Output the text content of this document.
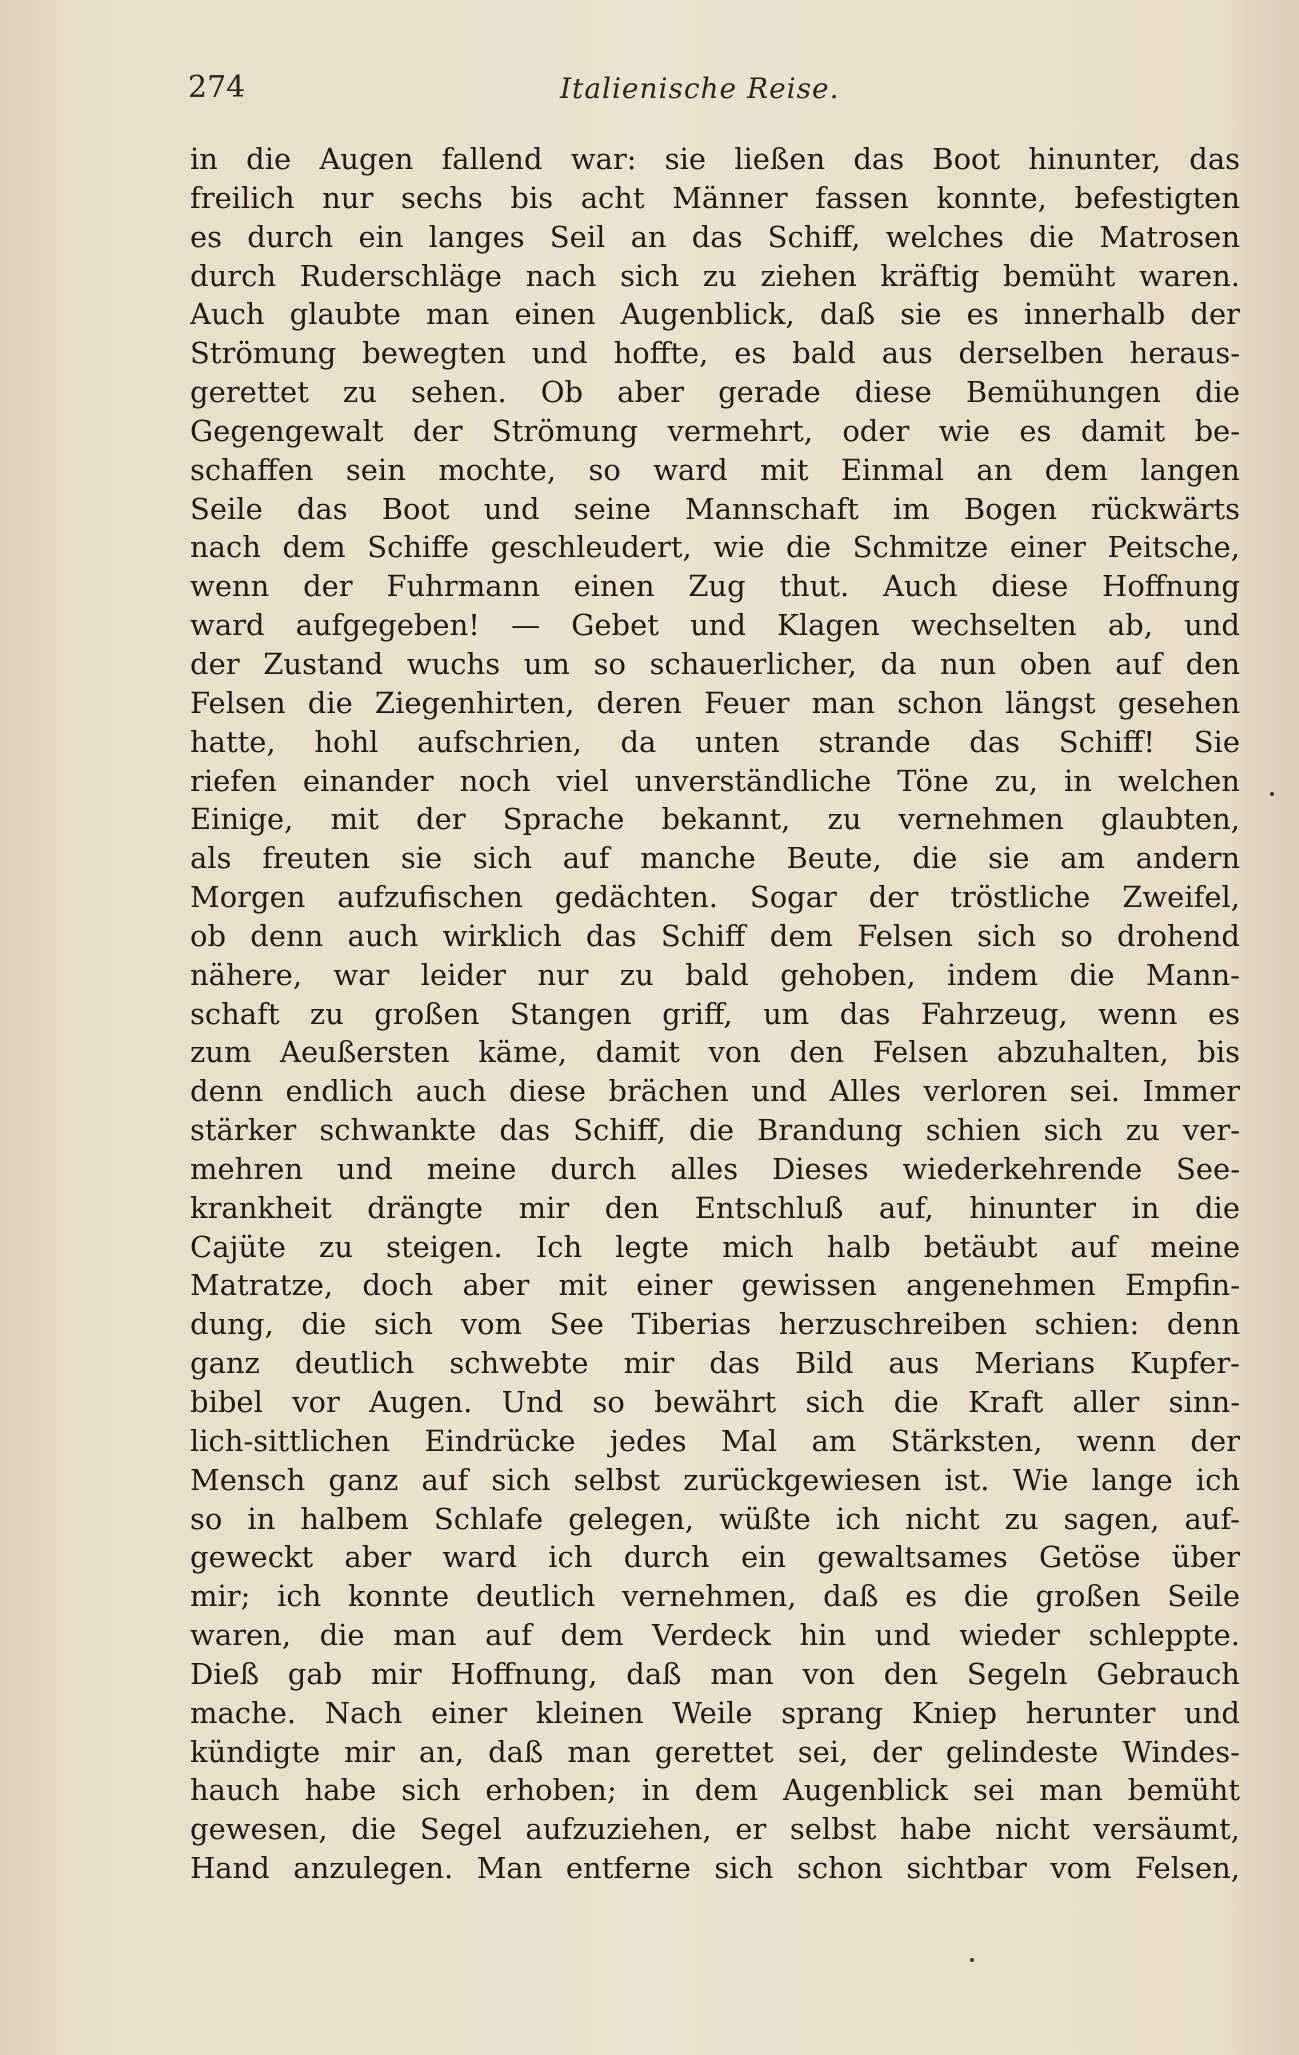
274	Italienische Reise.
in die Augen fallend war: sie ließen das Boot hinunter, das
freilich nur sechs bis acht Männer fassen konnte, befestigten
es durch ein langes Seil an das Schiff, welches die Matrosen
durch Ruderschläge nach sich zu ziehen kräftig bemüht waren.
Auch glaubte man einen Augenblick, daß sie es innerhalb der
Strömung bewegten und hoffte, es bald aus derselben heraus-
gerettet zu sehen. Ob aber gerade diese Bemühungen die
Gegengewalt der Strömung vermehrt, oder wie es damit be-
schaffen sein mochte, so ward mit Einmal an dem langen
Seile das Boot und seine Mannschaft im Bogen rückwärts
nach dem Schiffe geschleudert, wie die Schmitze einer Peitsche,
wenn der Fuhrmann einen Zug thut. Auch diese Hoffnung
ward aufgegeben! — Gebet und Klagen wechselten ab, und
der Zustand wuchs um so schauerlicher, da nun oben auf den
Felsen die Ziegenhirten, deren Feuer man schon längst gesehen
hatte, hohl aufschrien, da unten strande das Schiff! Sie
riefen einander noch viel unverständliche Töne zu, in welchen
Einige, mit der Sprache bekannt, zu vernehmen glaubten,
als freuten sie sich auf manche Beute, die sie am andern
Morgen aufzufischen gedächten. Sogar der tröstliche Zweifel,
ob denn auch wirklich das Schiff dem Felsen sich so drohend
nähere, war leider nur zu bald gehoben, indem die Mann-
schaft zu großen Stangen griff, um das Fahrzeug, wenn es
zum Aeußersten käme, damit von den Felsen abzuhalten, bis
denn endlich auch diese brächen und Alles verloren sei. Immer
stärker schwankte das Schiff, die Brandung schien sich zu ver-
mehren und meine durch alles Dieses wiederkehrende See-
krankheit drängte mir den Entschluß auf, hinunter in die
Cajüte zu steigen. Ich legte mich halb betäubt auf meine
Matratze, doch aber mit einer gewissen angenehmen Empfin-
dung, die sich vom See Tiberias herzuschreiben schien: denn
ganz deutlich schwebte mir das Bild aus Merians Kupfer-
bibel vor Augen. Und so bewährt sich die Kraft aller sinn-
lich-sittlichen Eindrücke jedes Mal am Stärksten, wenn der
Mensch ganz auf sich selbst zurückgewiesen ist. Wie lange ich
so in halbem Schlafe gelegen, wüßte ich nicht zu sagen, auf-
geweckt aber ward ich durch ein gewaltsames Getöse über
mir; ich konnte deutlich vernehmen, daß es die großen Seile
waren, die man auf dem Verdeck hin und wieder schleppte.
Dieß gab mir Hoffnung, daß man von den Segeln Gebrauch
mache. Nach einer kleinen Weile sprang Kniep herunter und
kündigte mir an, daß man gerettet sei, der gelindeste Windes-
hauch habe sich erhoben; in dem Augenblick sei man bemüht
gewesen, die Segel aufzuziehen, er selbst habe nicht versäumt,
Hand anzulegen. Man entferne sich schon sichtbar vom Felsen,
